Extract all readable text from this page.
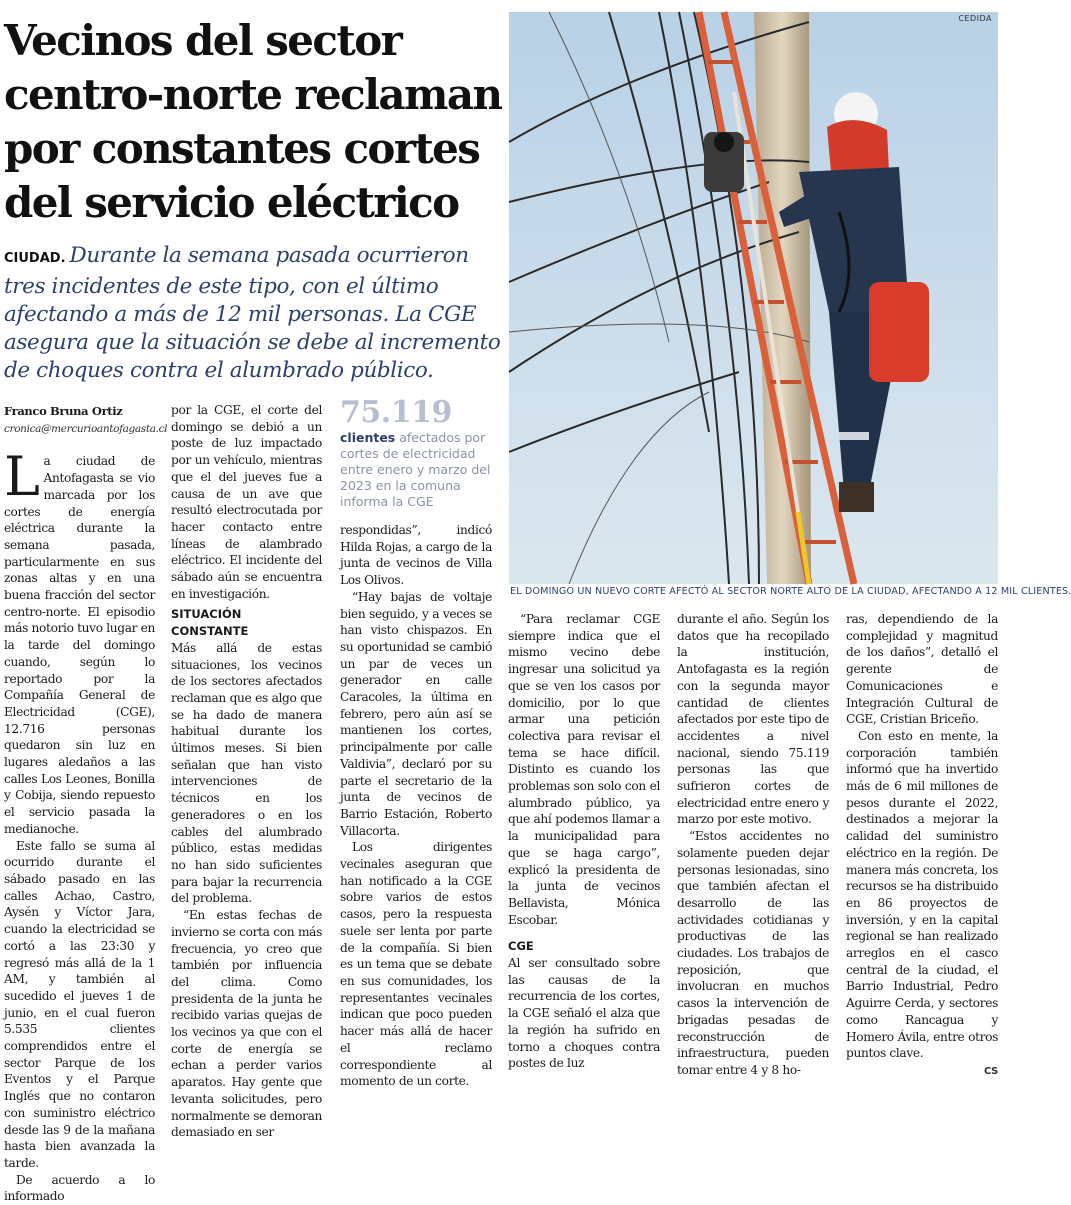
Vecinos del sector
centro-norte reclaman
por constantes cortes
del servicio eléctrico
CIUDAD. Durante la semana pasada ocurrieron
tres incidentes de este tipo, con el último
afectando a más de 12 mil personas. La CGE
asegura que la situación se debe al incremento
de choques contra el alumbrado público.
Franco Bruna Ortiz
cronica@mercurioantofagasta.cl

La ciudad de Antofagasta se vio marcada por los cortes de energía eléctrica durante la semana pasada, particularmente en sus zonas altas y en una buena fracción del sector centro-norte. El episodio más notorio tuvo lugar en la tarde del domingo cuando, según lo reportado por la Compañía General de Electricidad (CGE), 12.716 personas quedaron sin luz en lugares aledaños a las calles Los Leones, Bonilla y Cobija, siendo repuesto el servicio pasada la medianoche.

Este fallo se suma al ocurrido durante el sábado pasado en las calles Achao, Castro, Aysén y Víctor Jara, cuando la electricidad se cortó a las 23:30 y regresó más allá de la 1 AM, y también al sucedido el jueves 1 de junio, en el cual fueron 5.535 clientes comprendidos entre el sector Parque de los Eventos y el Parque Inglés que no contaron con suministro eléctrico desde las 9 de la mañana hasta bien avanzada la tarde.

De acuerdo a lo informado

por la CGE, el corte del domingo se debió a un poste de luz impactado por un vehículo, mientras que el del jueves fue a causa de un ave que resultó electrocutada por hacer contacto entre líneas de alambrado eléctrico. El incidente del sábado aún se encuentra en investigación.

SITUACIÓN CONSTANTE

Más allá de estas situaciones, los vecinos de los sectores afectados reclaman que es algo que se ha dado de manera habitual durante los últimos meses. Si bien señalan que han visto intervenciones de técnicos en los generadores o en los cables del alumbrado público, estas medidas no han sido suficientes para bajar la recurrencia del problema.

“En estas fechas de invierno se corta con más frecuencia, yo creo que también por influencia del clima. Como presidenta de la junta he recibido varias quejas de los vecinos ya que con el corte de energía se echan a perder varios aparatos. Hay gente que levanta solicitudes, pero normalmente se demoran demasiado en ser

75.119
clientes afectados por cortes de electricidad entre enero y marzo del 2023 en la comuna informa la CGE

respondidas”, indicó Hilda Rojas, a cargo de la junta de vecinos de Villa Los Olivos.

“Hay bajas de voltaje bien seguido, y a veces se han visto chispazos. En su oportunidad se cambió un par de veces un generador en calle Caracoles, la última en febrero, pero aún así se mantienen los cortes, principalmente por calle Valdivia”, declaró por su parte el secretario de la junta de vecinos de Barrio Estación, Roberto Villacorta.

Los dirigentes vecinales aseguran que han notificado a la CGE sobre varios de estos casos, pero la respuesta suele ser lenta por parte de la compañía. Si bien es un tema que se debate en sus comunidades, los representantes vecinales indican que poco pueden hacer más allá de hacer el reclamo correspondiente al momento de un corte.

CEDIDA
EL DOMINGO UN NUEVO CORTE AFECTÓ AL SECTOR NORTE ALTO DE LA CIUDAD, AFECTANDO A 12 MIL CLIENTES.

“Para reclamar CGE siempre indica que el mismo vecino debe ingresar una solicitud ya que se ven los casos por domicilio, por lo que armar una petición colectiva para revisar el tema se hace difícil. Distinto es cuando los problemas son solo con el alumbrado público, ya que ahí podemos llamar a la municipalidad para que se haga cargo”, explicó la presidenta de la junta de vecinos Bellavista, Mónica Escobar.

CGE

Al ser consultado sobre las causas de la recurrencia de los cortes, la CGE señaló el alza que la región ha sufrido en torno a choques contra postes de luz

durante el año. Según los datos que ha recopilado la institución, Antofagasta es la región con la segunda mayor cantidad de clientes afectados por este tipo de accidentes a nivel nacional, siendo 75.119 personas las que sufrieron cortes de electricidad entre enero y marzo por este motivo.

“Estos accidentes no solamente pueden dejar personas lesionadas, sino que también afectan el desarrollo de las actividades cotidianas y productivas de las ciudades. Los trabajos de reposición, que involucran en muchos casos la intervención de brigadas pesadas de reconstrucción de infraestructura, pueden tomar entre 4 y 8 ho-

ras, dependiendo de la complejidad y magnitud de los daños”, detalló el gerente de Comunicaciones e Integración Cultural de CGE, Cristian Briceño.

Con esto en mente, la corporación también informó que ha invertido más de 6 mil millones de pesos durante el 2022, destinados a mejorar la calidad del suministro eléctrico en la región. De manera más concreta, los recursos se ha distribuido en 86 proyectos de inversión, y en la capital regional se han realizado arreglos en el casco central de la ciudad, el Barrio Industrial, Pedro Aguirre Cerda, y sectores como Rancagua y Homero Ávila, entre otros puntos clave.

CS
